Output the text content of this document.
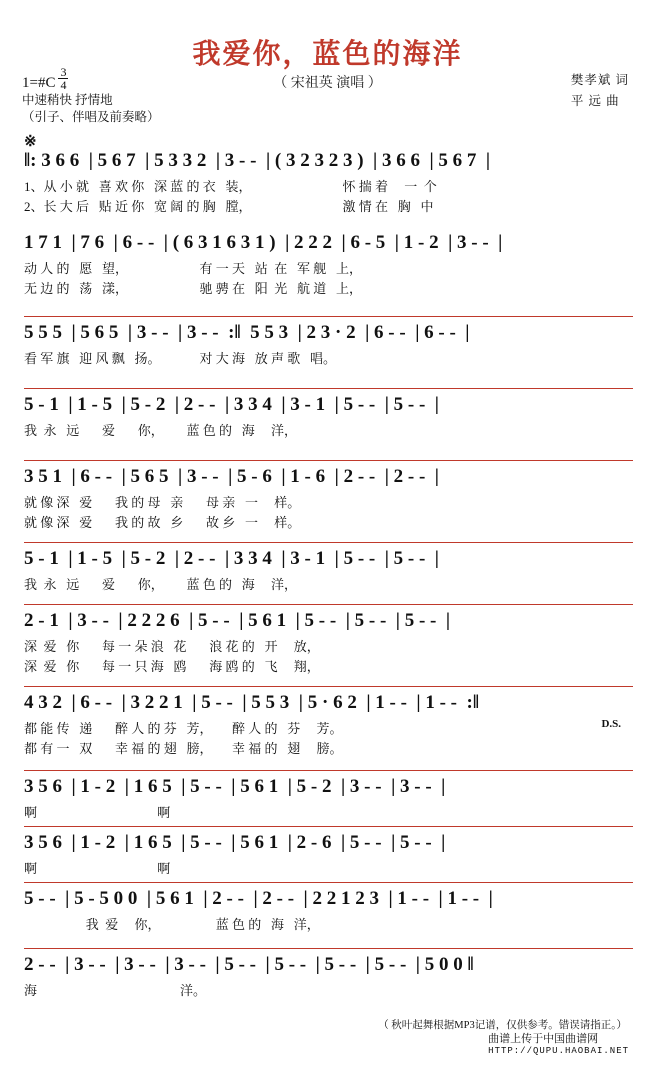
我爱你，蓝色的海洋
（ 宋祖英 演唱 ）
1=#C $\frac{3}{4}$
中速稍快 抒情地
（引子、伴唱及前奏略）
樊孝斌 词
平 远 曲
※
‖: 3 6 6  | 5 6 7  | 5 3 3 2  | 3 - -  | ( 3 2 3 2 3 )  | 3 6 6  | 5 6 7  |
1、从 小 就   喜 欢 你   深 蓝 的 衣   装，                            怀 揣 着     一  个
2、长 大 后   贴 近 你   宽 阔 的 胸   膛，                            激 情 在   胸   中
1 7 1  | 7 6  | 6 - -  | ( 6 3 1 6 3 1 )  | 2 2 2  | 6 - 5  | 1 - 2  | 3 - -  |
动 人 的   愿   望，                      有 一 天   站  在   军 舰   上，
无 边 的   荡   漾，                      驰 骋 在   阳  光   航 道   上，
5 5 5  | 5 6 5  | 3 - -  | 3 - -  :‖  5 5 3  | 2 3 · 2  | 6 - -  | 6 - -  |
看 军 旗   迎 风 飘   扬。            对 大 海   放 声 歌   唱。
5 - 1  | 1 - 5  | 5 - 2  | 2 - -  | 3 3 4  | 3 - 1  | 5 - -  | 5 - -  |
我  永   远       爱       你，       蓝 色 的   海     洋，
3 5 1  | 6 - -  | 5 6 5  | 3 - -  | 5 - 6  | 1 - 6  | 2 - -  | 2 - -  |
就 像 深   爱       我 的 母   亲       母 亲   一     样。
就 像 深   爱       我 的 故   乡       故 乡   一     样。
5 - 1  | 1 - 5  | 5 - 2  | 2 - -  | 3 3 4  | 3 - 1  | 5 - -  | 5 - -  |
我  永   远       爱       你，       蓝 色 的   海     洋，
2 - 1  | 3 - -  | 2 2 2 6  | 5 - -  | 5 6 1  | 5 - -  | 5 - -  | 5 - -  |
深  爱   你       每 一 朵 浪   花       浪 花 的   开     放，
深  爱   你       每 一 只 海   鸥       海 鸥 的   飞     翔，
4 3 2  | 6 - -  | 3 2 2 1  | 5 - -  | 5 5 3  | 5 · 6 2  | 1 - -  | 1 - -  :‖
都 能 传   递       醉 人 的 芬   芳，      醉 人 的   芬     芳。
都 有 一   双       幸 福 的 翅   膀，      幸 福 的   翅     膀。
D.S.
3 5 6  | 1 - 2  | 1 6 5  | 5 - -  | 5 6 1  | 5 - 2  | 3 - -  | 3 - -  |
啊                                     啊
3 5 6  | 1 - 2  | 1 6 5  | 5 - -  | 5 6 1  | 2 - 6  | 5 - -  | 5 - -  |
啊                                     啊
5 - -  | 5 - 5 0 0  | 5 6 1  | 2 - -  | 2 - -  | 2 2 1 2 3  | 1 - -  | 1 - -  |
我  爱     你，                 蓝 色 的   海   洋，
2 - -  | 3 - -  | 3 - -  | 3 - -  | 5 - -  | 5 - -  | 5 - -  | 5 - -  | 5 0 0 ‖
海                                            洋。
（ 秋叶起舞根据MP3记谱，仅供参考。错误请指正。）
曲谱上传于中国曲谱网
HTTP://QUPU.HAOBAI.NET
